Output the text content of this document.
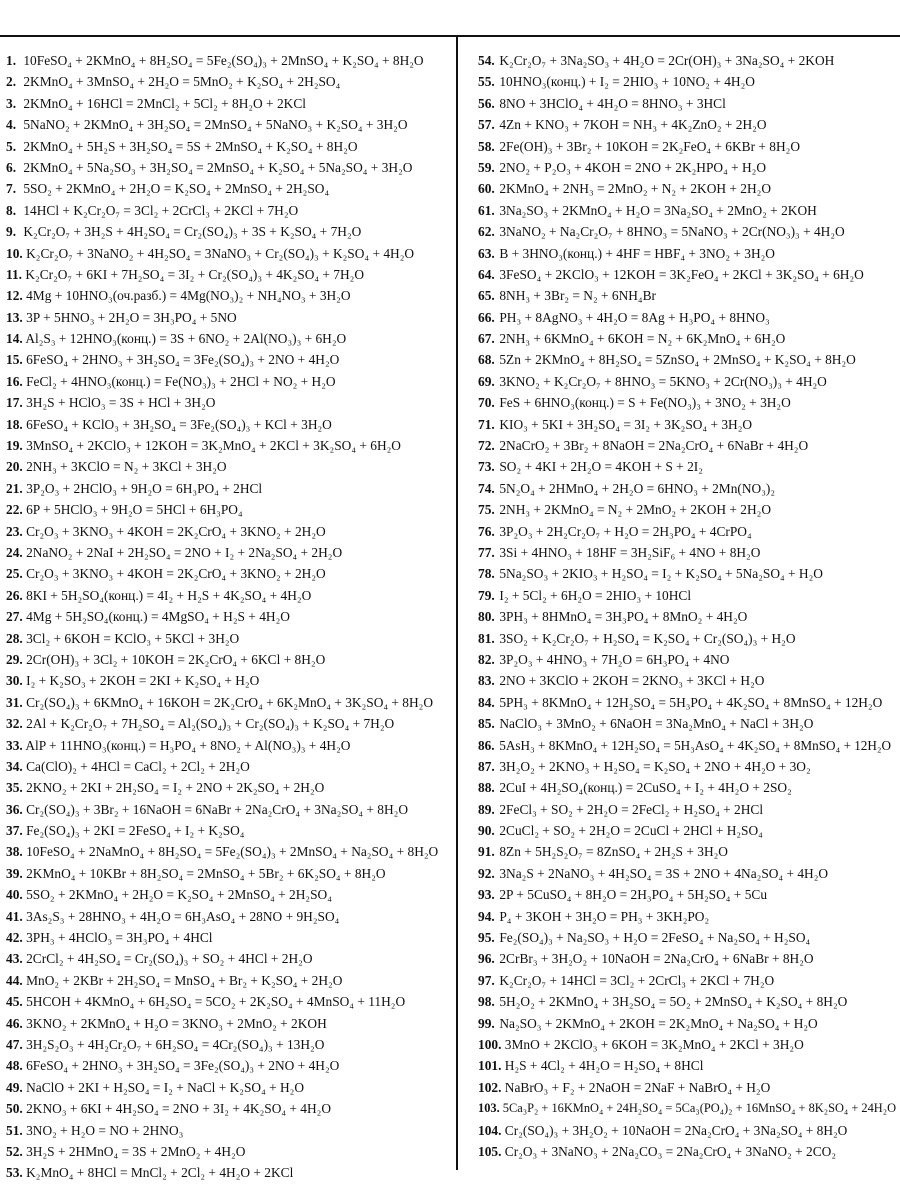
1. 10FeSO₄ + 2KMnO₄ + 8H₂SO₄ = 5Fe₂(SO₄)₃ + 2MnSO₄ + K₂SO₄ + 8H₂O
2. 2KMnO₄ + 3MnSO₄ + 2H₂O = 5MnO₂ + K₂SO₄ + 2H₂SO₄
3. 2KMnO₄ + 16HCl = 2MnCl₂ + 5Cl₂ + 8H₂O + 2KCl
4. 5NaNO₂ + 2KMnO₄ + 3H₂SO₄ = 2MnSO₄ + 5NaNO₃ + K₂SO₄ + 3H₂O
5. 2KMnO₄ + 5H₂S + 3H₂SO₄ = 5S + 2MnSO₄ + K₂SO₄ + 8H₂O
6. 2KMnO₄ + 5Na₂SO₃ + 3H₂SO₄ = 2MnSO₄ + K₂SO₄ + 5Na₂SO₄ + 3H₂O
7. 5SO₂ + 2KMnO₄ + 2H₂O = K₂SO₄ + 2MnSO₄ + 2H₂SO₄
8. 14HCl + K₂Cr₂O₇ = 3Cl₂ + 2CrCl₃ + 2KCl + 7H₂O
9. K₂Cr₂O₇ + 3H₂S + 4H₂SO₄ = Cr₂(SO₄)₃ + 3S + K₂SO₄ + 7H₂O
10. K₂Cr₂O₇ + 3NaNO₂ + 4H₂SO₄ = 3NaNO₃ + Cr₂(SO₄)₃ + K₂SO₄ + 4H₂O
11. K₂Cr₂O₇ + 6KI + 7H₂SO₄ = 3I₂ + Cr₂(SO₄)₃ + 4K₂SO₄ + 7H₂O
12. 4Mg + 10HNO₃(оч.разб.) = 4Mg(NO₃)₂ + NH₄NO₃ + 3H₂O
13. 3P + 5HNO₃ + 2H₂O = 3H₃PO₄ + 5NO
14. Al₂S₃ + 12HNO₃(конц.) = 3S + 6NO₂ + 2Al(NO₃)₃ + 6H₂O
15. 6FeSO₄ + 2HNO₃ + 3H₂SO₄ = 3Fe₂(SO₄)₃ + 2NO + 4H₂O
16. FeCl₂ + 4HNO₃(конц.) = Fe(NO₃)₃ + 2HCl + NO₂ + H₂O
17. 3H₂S + HClO₃ = 3S + HCl + 3H₂O
18. 6FeSO₄ + KClO₃ + 3H₂SO₄ = 3Fe₂(SO₄)₃ + KCl + 3H₂O
19. 3MnSO₄ + 2KClO₃ + 12KOH = 3K₂MnO₄ + 2KCl + 3K₂SO₄ + 6H₂O
20. 2NH₃ + 3KClO = N₂ + 3KCl + 3H₂O
21. 3P₂O₃ + 2HClO₃ + 9H₂O = 6H₃PO₄ + 2HCl
22. 6P + 5HClO₃ + 9H₂O = 5HCl + 6H₃PO₄
23. Cr₂O₃ + 3KNO₃ + 4KOH = 2K₂CrO₄ + 3KNO₂ + 2H₂O
24. 2NaNO₂ + 2NaI + 2H₂SO₄ = 2NO + I₂ + 2Na₂SO₄ + 2H₂O
25. Cr₂O₃ + 3KNO₃ + 4KOH = 2K₂CrO₄ + 3KNO₂ + 2H₂O
26. 8KI + 5H₂SO₄(конц.) = 4I₂ + H₂S + 4K₂SO₄ + 4H₂O
27. 4Mg + 5H₂SO₄(конц.) = 4MgSO₄ + H₂S + 4H₂O
28. 3Cl₂ + 6KOH = KClO₃ + 5KCl + 3H₂O
29. 2Cr(OH)₃ + 3Cl₂ + 10KOH = 2K₂CrO₄ + 6KCl + 8H₂O
30. I₂ + K₂SO₃ + 2KOH = 2KI + K₂SO₄ + H₂O
31. Cr₂(SO₄)₃ + 6KMnO₄ + 16KOH = 2K₂CrO₄ + 6K₂MnO₄ + 3K₂SO₄ + 8H₂O
32. 2Al + K₂Cr₂O₇ + 7H₂SO₄ = Al₂(SO₄)₃ + Cr₂(SO₄)₃ + K₂SO₄ + 7H₂O
33. AlP + 11HNO₃(конц.) = H₃PO₄ + 8NO₂ + Al(NO₃)₃ + 4H₂O
34. Ca(ClO)₂ + 4HCl = CaCl₂ + 2Cl₂ + 2H₂O
35. 2KNO₂ + 2KI + 2H₂SO₄ = I₂ + 2NO + 2K₂SO₄ + 2H₂O
36. Cr₂(SO₄)₃ + 3Br₂ + 16NaOH = 6NaBr + 2Na₂CrO₄ + 3Na₂SO₄ + 8H₂O
37. Fe₂(SO₄)₃ + 2KI = 2FeSO₄ + I₂ + K₂SO₄
38. 10FeSO₄ + 2NaMnO₄ + 8H₂SO₄ = 5Fe₂(SO₄)₃ + 2MnSO₄ + Na₂SO₄ + 8H₂O
39. 2KMnO₄ + 10KBr + 8H₂SO₄ = 2MnSO₄ + 5Br₂ + 6K₂SO₄ + 8H₂O
40. 5SO₂ + 2KMnO₄ + 2H₂O = K₂SO₄ + 2MnSO₄ + 2H₂SO₄
41. 3As₂S₃ + 28HNO₃ + 4H₂O = 6H₃AsO₄ + 28NO + 9H₂SO₄
42. 3PH₃ + 4HClO₃ = 3H₃PO₄ + 4HCl
43. 2CrCl₂ + 4H₂SO₄ = Cr₂(SO₄)₃ + SO₂ + 4HCl + 2H₂O
44. MnO₂ + 2KBr + 2H₂SO₄ = MnSO₄ + Br₂ + K₂SO₄ + 2H₂O
45. 5HCOH + 4KMnO₄ + 6H₂SO₄ = 5CO₂ + 2K₂SO₄ + 4MnSO₄ + 11H₂O
46. 3KNO₂ + 2KMnO₄ + H₂O = 3KNO₃ + 2MnO₂ + 2KOH
47. 3H₂S₂O₃ + 4H₂Cr₂O₇ + 6H₂SO₄ = 4Cr₂(SO₄)₃ + 13H₂O
48. 6FeSO₄ + 2HNO₃ + 3H₂SO₄ = 3Fe₂(SO₄)₃ + 2NO + 4H₂O
49. NaClO + 2KI + H₂SO₄ = I₂ + NaCl + K₂SO₄ + H₂O
50. 2KNO₃ + 6KI + 4H₂SO₄ = 2NO + 3I₂ + 4K₂SO₄ + 4H₂O
51. 3NO₂ + H₂O = NO + 2HNO₃
52. 3H₂S + 2HMnO₄ = 3S + 2MnO₂ + 4H₂O
53. K₂MnO₄ + 8HCl = MnCl₂ + 2Cl₂ + 4H₂O + 2KCl
54. K₂Cr₂O₇ + 3Na₂SO₃ + 4H₂O = 2Cr(OH)₃ + 3Na₂SO₄ + 2KOH
55. 10HNO₃(конц.) + I₂ = 2HIO₃ + 10NO₂ + 4H₂O
56. 8NO + 3HClO₄ + 4H₂O = 8HNO₃ + 3HCl
57. 4Zn + KNO₃ + 7KOH = NH₃ + 4K₂ZnO₂ + 2H₂O
58. 2Fe(OH)₃ + 3Br₂ + 10KOH = 2K₂FeO₄ + 6KBr + 8H₂O
59. 2NO₂ + P₂O₃ + 4KOH = 2NO + 2K₂HPO₄ + H₂O
60. 2KMnO₄ + 2NH₃ = 2MnO₂ + N₂ + 2KOH + 2H₂O
61. 3Na₂SO₃ + 2KMnO₄ + H₂O = 3Na₂SO₄ + 2MnO₂ + 2KOH
62. 3NaNO₂ + Na₂Cr₂O₇ + 8HNO₃ = 5NaNO₃ + 2Cr(NO₃)₃ + 4H₂O
63. B + 3HNO₃(конц.) + 4HF = HBF₄ + 3NO₂ + 3H₂O
64. 3FeSO₄ + 2KClO₃ + 12KOH = 3K₂FeO₄ + 2KCl + 3K₂SO₄ + 6H₂O
65. 8NH₃ + 3Br₂ = N₂ + 6NH₄Br
66. PH₃ + 8AgNO₃ + 4H₂O = 8Ag + H₃PO₄ + 8HNO₃
67. 2NH₃ + 6KMnO₄ + 6KOH = N₂ + 6K₂MnO₄ + 6H₂O
68. 5Zn + 2KMnO₄ + 8H₂SO₄ = 5ZnSO₄ + 2MnSO₄ + K₂SO₄ + 8H₂O
69. 3KNO₂ + K₂Cr₂O₇ + 8HNO₃ = 5KNO₃ + 2Cr(NO₃)₃ + 4H₂O
70. FeS + 6HNO₃(конц.) = S + Fe(NO₃)₃ + 3NO₂ + 3H₂O
71. KIO₃ + 5KI + 3H₂SO₄ = 3I₂ + 3K₂SO₄ + 3H₂O
72. 2NaCrO₂ + 3Br₂ + 8NaOH = 2Na₂CrO₄ + 6NaBr + 4H₂O
73. SO₂ + 4KI + 2H₂O = 4KOH + S + 2I₂
74. 5N₂O₄ + 2HMnO₄ + 2H₂O = 6HNO₃ + 2Mn(NO₃)₂
75. 2NH₃ + 2KMnO₄ = N₂ + 2MnO₂ + 2KOH + 2H₂O
76. 3P₂O₃ + 2H₂Cr₂O₇ + H₂O = 2H₃PO₄ + 4CrPO₄
77. 3Si + 4HNO₃ + 18HF = 3H₂SiF₆ + 4NO + 8H₂O
78. 5Na₂SO₃ + 2KIO₃ + H₂SO₄ = I₂ + K₂SO₄ + 5Na₂SO₄ + H₂O
79. I₂ + 5Cl₂ + 6H₂O = 2HIO₃ + 10HCl
80. 3PH₃ + 8HMnO₄ = 3H₃PO₄ + 8MnO₂ + 4H₂O
81. 3SO₂ + K₂Cr₂O₇ + H₂SO₄ = K₂SO₄ + Cr₂(SO₄)₃ + H₂O
82. 3P₂O₃ + 4HNO₃ + 7H₂O = 6H₃PO₄ + 4NO
83. 2NO + 3KClO + 2KOH = 2KNO₃ + 3KCl + H₂O
84. 5PH₃ + 8KMnO₄ + 12H₂SO₄ = 5H₃PO₄ + 4K₂SO₄ + 8MnSO₄ + 12H₂O
85. NaClO₃ + 3MnO₂ + 6NaOH = 3Na₂MnO₄ + NaCl + 3H₂O
86. 5AsH₃ + 8KMnO₄ + 12H₂SO₄ = 5H₃AsO₄ + 4K₂SO₄ + 8MnSO₄ + 12H₂O
87. 3H₂O₂ + 2KNO₃ + H₂SO₄ = K₂SO₄ + 2NO + 4H₂O + 3O₂
88. 2CuI + 4H₂SO₄(конц.) = 2CuSO₄ + I₂ + 4H₂O + 2SO₂
89. 2FeCl₃ + SO₂ + 2H₂O = 2FeCl₂ + H₂SO₄ + 2HCl
90. 2CuCl₂ + SO₂ + 2H₂O = 2CuCl + 2HCl + H₂SO₄
91. 8Zn + 5H₂S₂O₇ = 8ZnSO₄ + 2H₂S + 3H₂O
92. 3Na₂S + 2NaNO₃ + 4H₂SO₄ = 3S + 2NO + 4Na₂SO₄ + 4H₂O
93. 2P + 5CuSO₄ + 8H₂O = 2H₃PO₄ + 5H₂SO₄ + 5Cu
94. P₄ + 3KOH + 3H₂O = PH₃ + 3KH₂PO₂
95. Fe₂(SO₄)₃ + Na₂SO₃ + H₂O = 2FeSO₄ + Na₂SO₄ + H₂SO₄
96. 2CrBr₃ + 3H₂O₂ + 10NaOH = 2Na₂CrO₄ + 6NaBr + 8H₂O
97. K₂Cr₂O₇ + 14HCl = 3Cl₂ + 2CrCl₃ + 2KCl + 7H₂O
98. 5H₂O₂ + 2KMnO₄ + 3H₂SO₄ = 5O₂ + 2MnSO₄ + K₂SO₄ + 8H₂O
99. Na₂SO₃ + 2KMnO₄ + 2KOH = 2K₂MnO₄ + Na₂SO₄ + H₂O
100. 3MnO + 2KClO₃ + 6KOH = 3K₂MnO₄ + 2KCl + 3H₂O
101. H₂S + 4Cl₂ + 4H₂O = H₂SO₄ + 8HCl
102. NaBrO₃ + F₂ + 2NaOH = 2NaF + NaBrO₄ + H₂O
103. 5Ca₃P₂ + 16KMnO₄ + 24H₂SO₄ = 5Ca₃(PO₄)₂ + 16MnSO₄ + 8K₂SO₄ + 24H₂O
104. Cr₂(SO₄)₃ + 3H₂O₂ + 10NaOH = 2Na₂CrO₄ + 3Na₂SO₄ + 8H₂O
105. Cr₂O₃ + 3NaNO₃ + 2Na₂CO₃ = 2Na₂CrO₄ + 3NaNO₂ + 2CO₂
